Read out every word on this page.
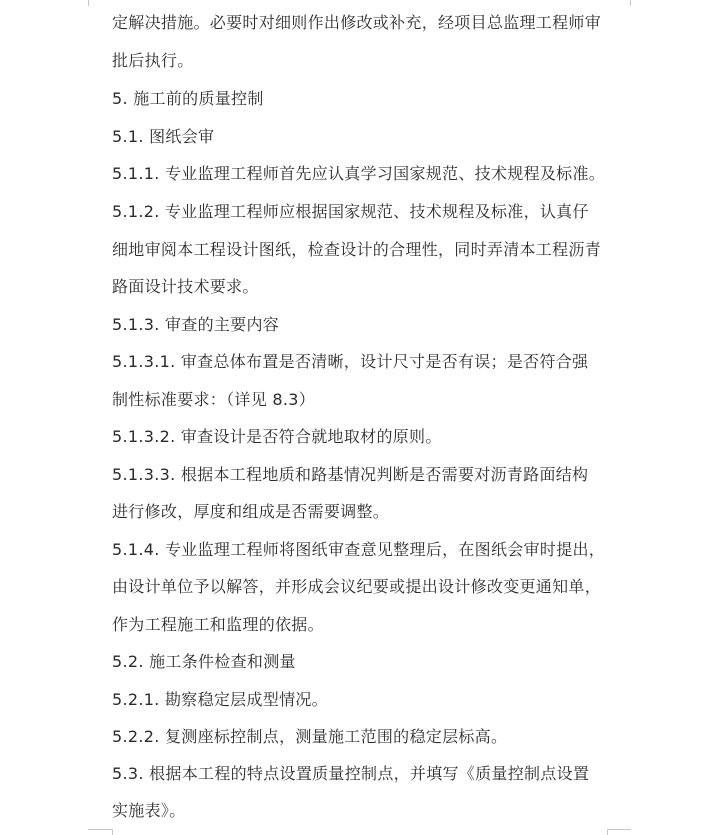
定解决措施。必要时对细则作出修改或补充，经项目总监理工程师审
批后执行。
5. 施工前的质量控制
5.1. 图纸会审
5.1.1. 专业监理工程师首先应认真学习国家规范、技术规程及标准。
5.1.2. 专业监理工程师应根据国家规范、技术规程及标准，认真仔
细地审阅本工程设计图纸，检查设计的合理性，同时弄清本工程沥青
路面设计技术要求。
5.1.3. 审查的主要内容
5.1.3.1. 审查总体布置是否清晰，设计尺寸是否有误；是否符合强
制性标准要求：（详见 8.3）
5.1.3.2. 审查设计是否符合就地取材的原则。
5.1.3.3. 根据本工程地质和路基情况判断是否需要对沥青路面结构
进行修改，厚度和组成是否需要调整。
5.1.4. 专业监理工程师将图纸审查意见整理后，在图纸会审时提出，
由设计单位予以解答，并形成会议纪要或提出设计修改变更通知单，
作为工程施工和监理的依据。
5.2. 施工条件检查和测量
5.2.1. 勘察稳定层成型情况。
5.2.2. 复测座标控制点，测量施工范围的稳定层标高。
5.3. 根据本工程的特点设置质量控制点，并填写《质量控制点设置
实施表》。
